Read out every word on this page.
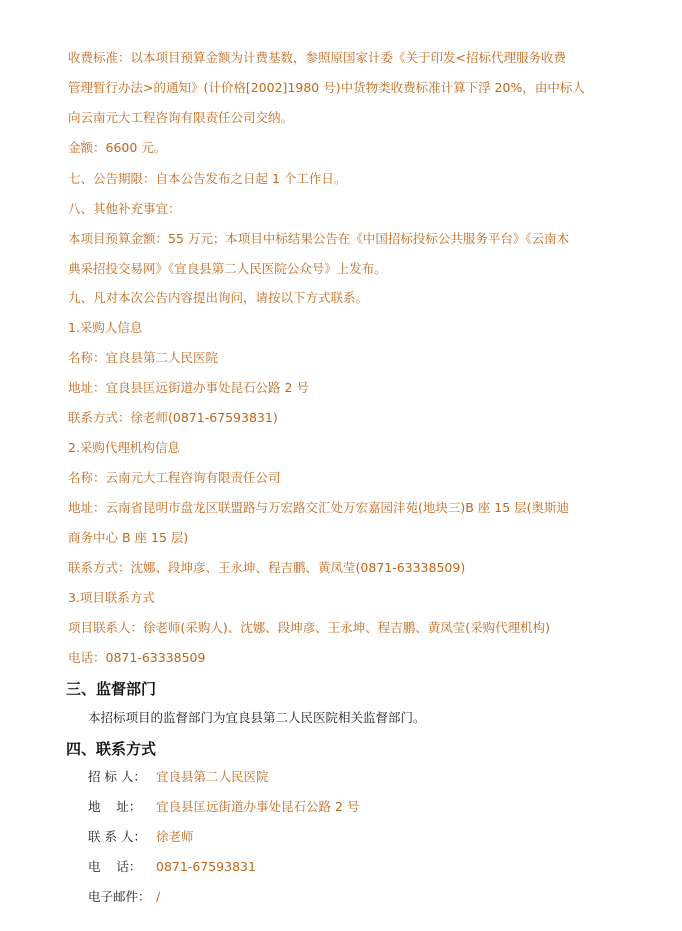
收费标准：以本项目预算金额为计费基数，参照原国家计委《关于印发<招标代理服务收费
管理暂行办法>的通知》(计价格[2002]1980 号)中货物类收费标准计算下浮 20%，由中标人
向云南元大工程咨询有限责任公司交纳。
金额：6600 元。
七、公告期限：自本公告发布之日起 1 个工作日。
八、其他补充事宜：
本项目预算金额：55 万元；本项目中标结果公告在《中国招标投标公共服务平台》《云南木
典采招投交易网》《宜良县第二人民医院公众号》上发布。
九、凡对本次公告内容提出询问，请按以下方式联系。
1.采购人信息
名称：宜良县第二人民医院
地址：宜良县匡远街道办事处昆石公路 2 号
联系方式：徐老师(0871-67593831)
2.采购代理机构信息
名称：云南元大工程咨询有限责任公司
地址：云南省昆明市盘龙区联盟路与万宏路交汇处万宏嘉园沣苑(地块三)B 座 15 层(奥斯迪
商务中心 B 座 15 层)
联系方式：沈娜、段坤彦、王永坤、程吉鹏、黄凤莹(0871-63338509)
3.项目联系方式
项目联系人：徐老师(采购人)、沈娜、段坤彦、王永坤、程吉鹏、黄凤莹(采购代理机构)
电话：0871-63338509
三、监督部门
本招标项目的监督部门为宜良县第二人民医院相关监督部门。
四、联系方式
招 标 人： 宜良县第二人民医院
地    址： 宜良县匡远街道办事处昆石公路 2 号
联 系 人： 徐老师
电    话： 0871-67593831
电子邮件： /
